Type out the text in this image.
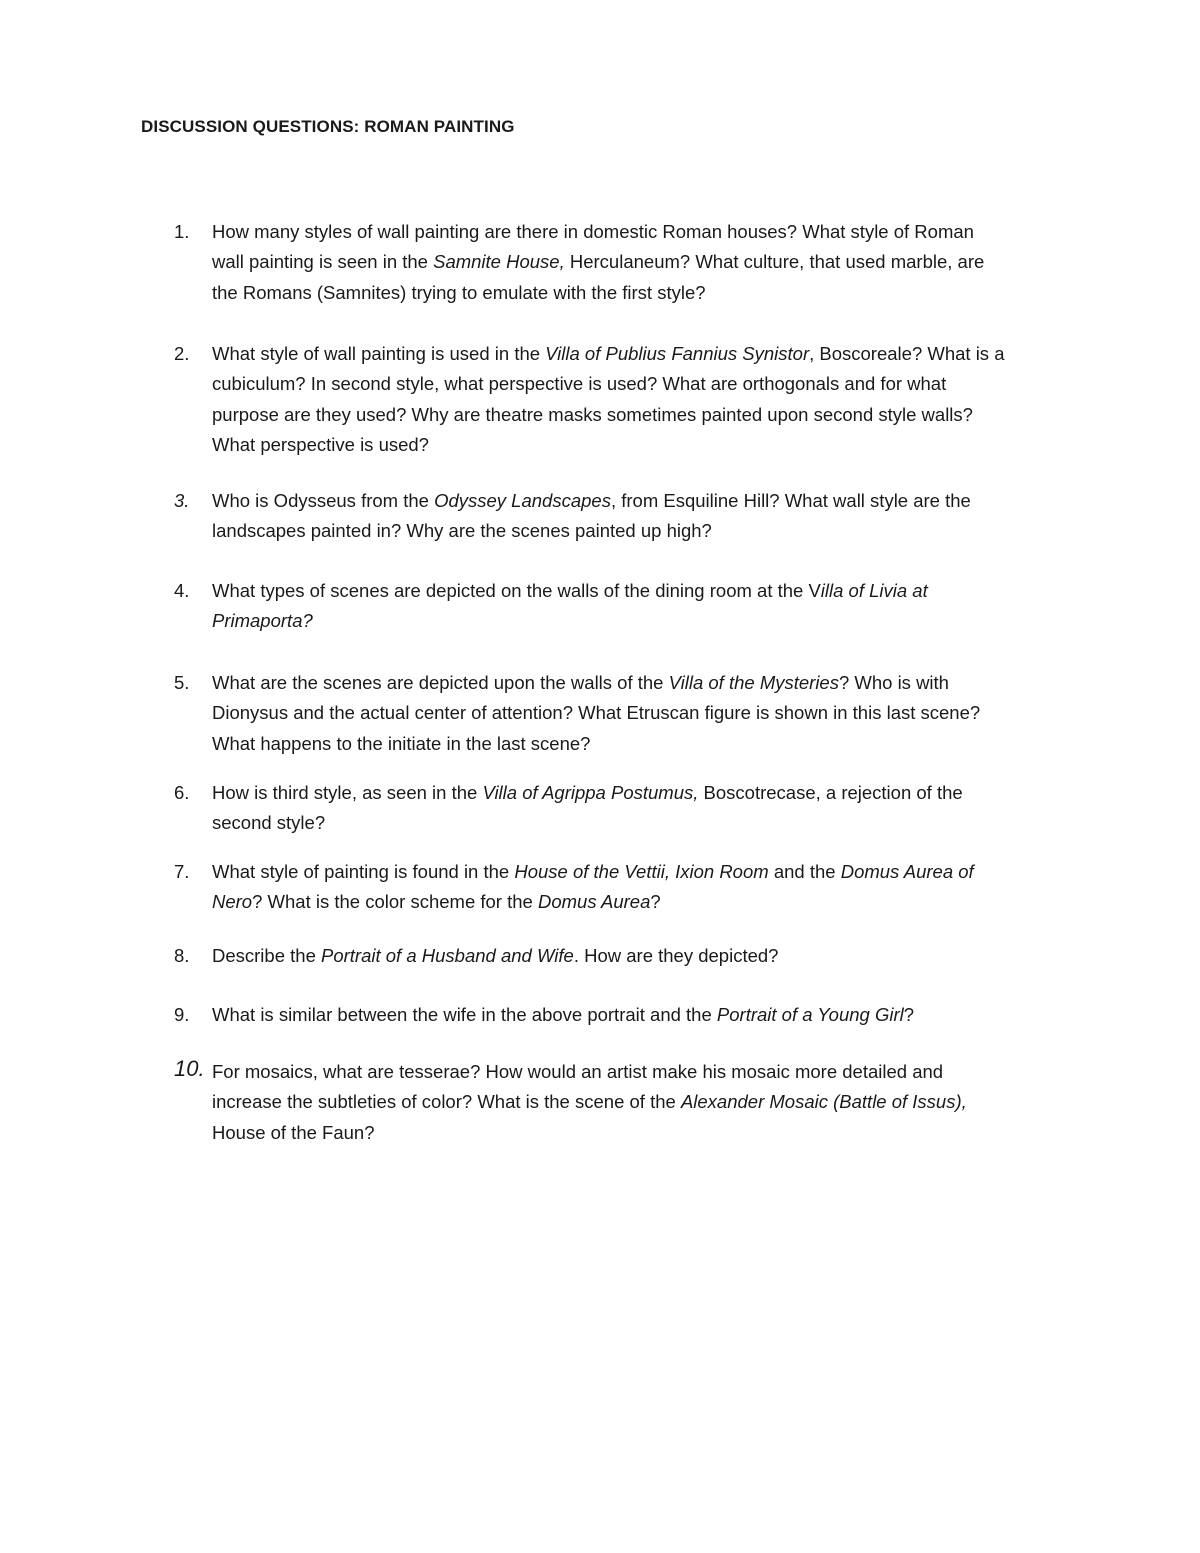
DISCUSSION QUESTIONS: ROMAN PAINTING
1. How many styles of wall painting are there in domestic Roman houses? What style of Roman
wall painting is seen in the Samnite House, Herculaneum? What culture, that used marble, are
the Romans (Samnites) trying to emulate with the first style?
2. What style of wall painting is used in the Villa of Publius Fannius Synistor, Boscoreale? What is a
cubiculum? In second style, what perspective is used? What are orthogonals and for what
purpose are they used? Why are theatre masks sometimes painted upon second style walls?
What perspective is used?
3. Who is Odysseus from the Odyssey Landscapes, from Esquiline Hill? What wall style are the
landscapes painted in? Why are the scenes painted up high?
4. What types of scenes are depicted on the walls of the dining room at the Villa of Livia at
Primaporta?
5. What are the scenes are depicted upon the walls of the Villa of the Mysteries? Who is with
Dionysus and the actual center of attention? What Etruscan figure is shown in this last scene?
What happens to the initiate in the last scene?
6. How is third style, as seen in the Villa of Agrippa Postumus, Boscotrecase, a rejection of the
second style?
7. What style of painting is found in the House of the Vettii, Ixion Room and the Domus Aurea of
Nero? What is the color scheme for the Domus Aurea?
8. Describe the Portrait of a Husband and Wife. How are they depicted?
9. What is similar between the wife in the above portrait and the Portrait of a Young Girl?
10. For mosaics, what are tesserae? How would an artist make his mosaic more detailed and
increase the subtleties of color? What is the scene of the Alexander Mosaic (Battle of Issus),
House of the Faun?
